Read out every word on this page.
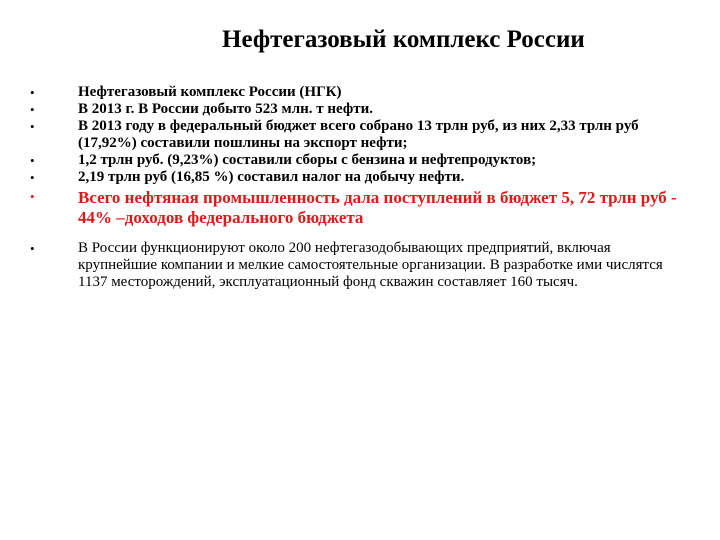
Нефтегазовый комплекс России
•	Нефтегазовый комплекс России (НГК)
•	В 2013 г. В России добыто 523 млн. т нефти.
•	В 2013 году в федеральный бюджет всего собрано 13 трлн руб, из них 2,33 трлн руб (17,92%) составили пошлины на экспорт нефти;
•	1,2 трлн руб. (9,23%) составили сборы с бензина и нефтепродуктов;
•	2,19 трлн руб (16,85 %) составил налог на добычу нефти.
•	Всего нефтяная промышленность дала поступлений в бюджет 5, 72 трлн руб - 44% –доходов федерального бюджета
•	В России функционируют около 200 нефтегазодобывающих предприятий, включая крупнейшие компании и мелкие самостоятельные организации. В разработке ими числятся 1137 месторождений, эксплуатационный фонд скважин составляет 160 тысяч.
